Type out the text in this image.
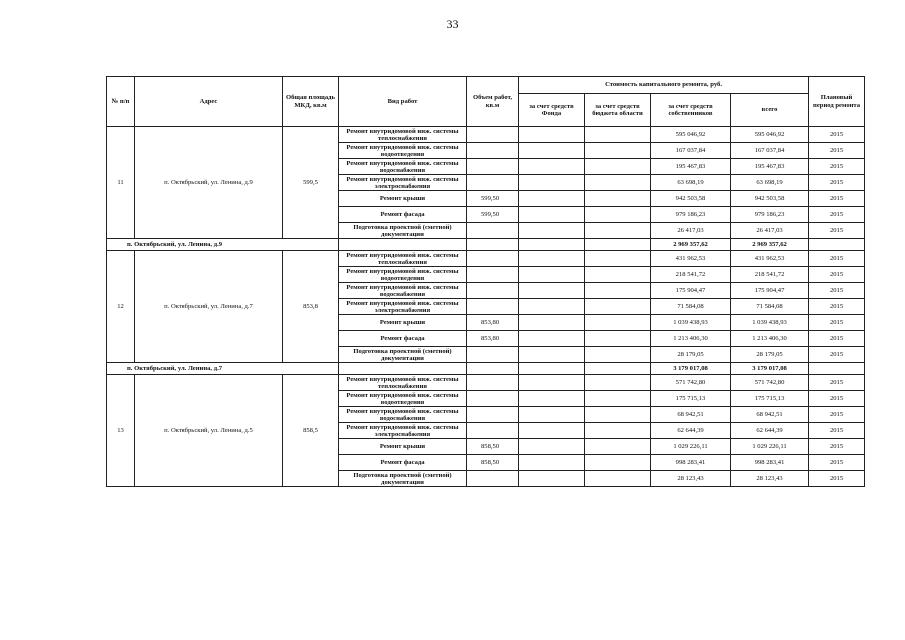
33
№ п/п	Адрес	Общая площадь МКД, кв.м	Вид работ	Объем работ, кв.м	Стоимость капитального ремонта, руб.				Плановый период ремонта
					за счет средств Фонда	за счет средств бюджета области	за счет средств собственников	всего	
11	п. Октябрьский, ул. Ленина, д.9	599,5	Ремонт внутридомовой инж. системы теплоснабжения				595 046,92	595 046,92	2015
			Ремонт внутридомовой инж. системы водоотведения				167 037,84	167 037,84	2015
			Ремонт внутридомовой инж. системы водоснабжения				195 467,83	195 467,83	2015
			Ремонт внутридомовой инж. системы электроснабжения				63 698,19	63 698,19	2015
			Ремонт крыши	599,50			942 503,58	942 503,58	2015
			Ремонт фасада	599,50			979 186,23	979 186,23	2015
			Подготовка проектной (сметной) документации				26 417,03	26 417,03	2015
п. Октябрьский, ул. Ленина, д.9							2 969 357,62	2 969 357,62	
12	п. Октябрьский, ул. Ленина, д.7	853,8	Ремонт внутридомовой инж. системы теплоснабжения				431 962,53	431 962,53	2015
			Ремонт внутридомовой инж. системы водоотведения				218 541,72	218 541,72	2015
			Ремонт внутридомовой инж. системы водоснабжения				175 904,47	175 904,47	2015
			Ремонт внутридомовой инж. системы электроснабжения				71 584,08	71 584,08	2015
			Ремонт крыши	853,80			1 039 438,93	1 039 438,93	2015
			Ремонт фасада	853,80			1 213 406,30	1 213 406,30	2015
			Подготовка проектной (сметной) документации				28 179,05	28 179,05	2015
п. Октябрьский, ул. Ленина, д.7							3 179 017,08	3 179 017,08	
13	п. Октябрьский, ул. Ленина, д.5	858,5	Ремонт внутридомовой инж. системы теплоснабжения				571 742,80	571 742,80	2015
			Ремонт внутридомовой инж. системы водоотведения				175 715,13	175 715,13	2015
			Ремонт внутридомовой инж. системы водоснабжения				68 942,51	68 942,51	2015
			Ремонт внутридомовой инж. системы электроснабжения				62 644,39	62 644,39	2015
			Ремонт крыши	858,50			1 029 226,11	1 029 226,11	2015
			Ремонт фасада	858,50			998 283,41	998 283,41	2015
			Подготовка проектной (сметной) документации				28 123,43	28 123,43	2015
